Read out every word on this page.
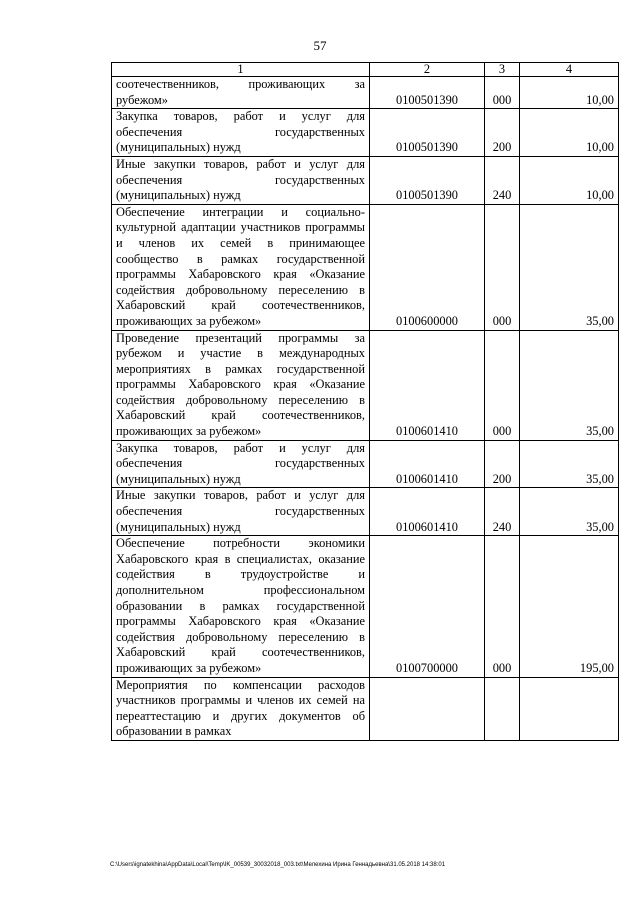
57
1	2	3	4
соотечественников, проживающих за рубежом»	0100501390	000	10,00
Закупка товаров, работ и услуг для обеспечения государственных (муниципальных) нужд	0100501390	200	10,00
Иные закупки товаров, работ и услуг для обеспечения государственных (муниципальных) нужд	0100501390	240	10,00
Обеспечение интеграции и социально-культурной адаптации участников программы и членов их семей в принимающее сообщество в рамках государственной программы Хабаровского края «Оказание содействия добровольному переселению в Хабаровский край соотечественников, проживающих за рубежом»	0100600000	000	35,00
Проведение презентаций программы за рубежом и участие в международных мероприятиях в рамках государственной программы Хабаровского края «Оказание содействия добровольному переселению в Хабаровский край соотечественников, проживающих за рубежом»	0100601410	000	35,00
Закупка товаров, работ и услуг для обеспечения государственных (муниципальных) нужд	0100601410	200	35,00
Иные закупки товаров, работ и услуг для обеспечения государственных (муниципальных) нужд	0100601410	240	35,00
Обеспечение потребности экономики Хабаровского края в специалистах, оказание содействия в трудоустройстве и дополнительном профессиональном образовании в рамках государственной программы Хабаровского края «Оказание содействия добровольному переселению в Хабаровский край соотечественников, проживающих за рубежом»	0100700000	000	195,00
Мероприятия по компенсации расходов участников программы и членов их семей на переаттестацию и других документов об образовании в рамках			
C:\Users\ignatekhina\AppData\Local\Temp\IK_00539_30032018_003.txt\Мелехина Ирина Геннадьевна\31.05.2018 14:38:01
